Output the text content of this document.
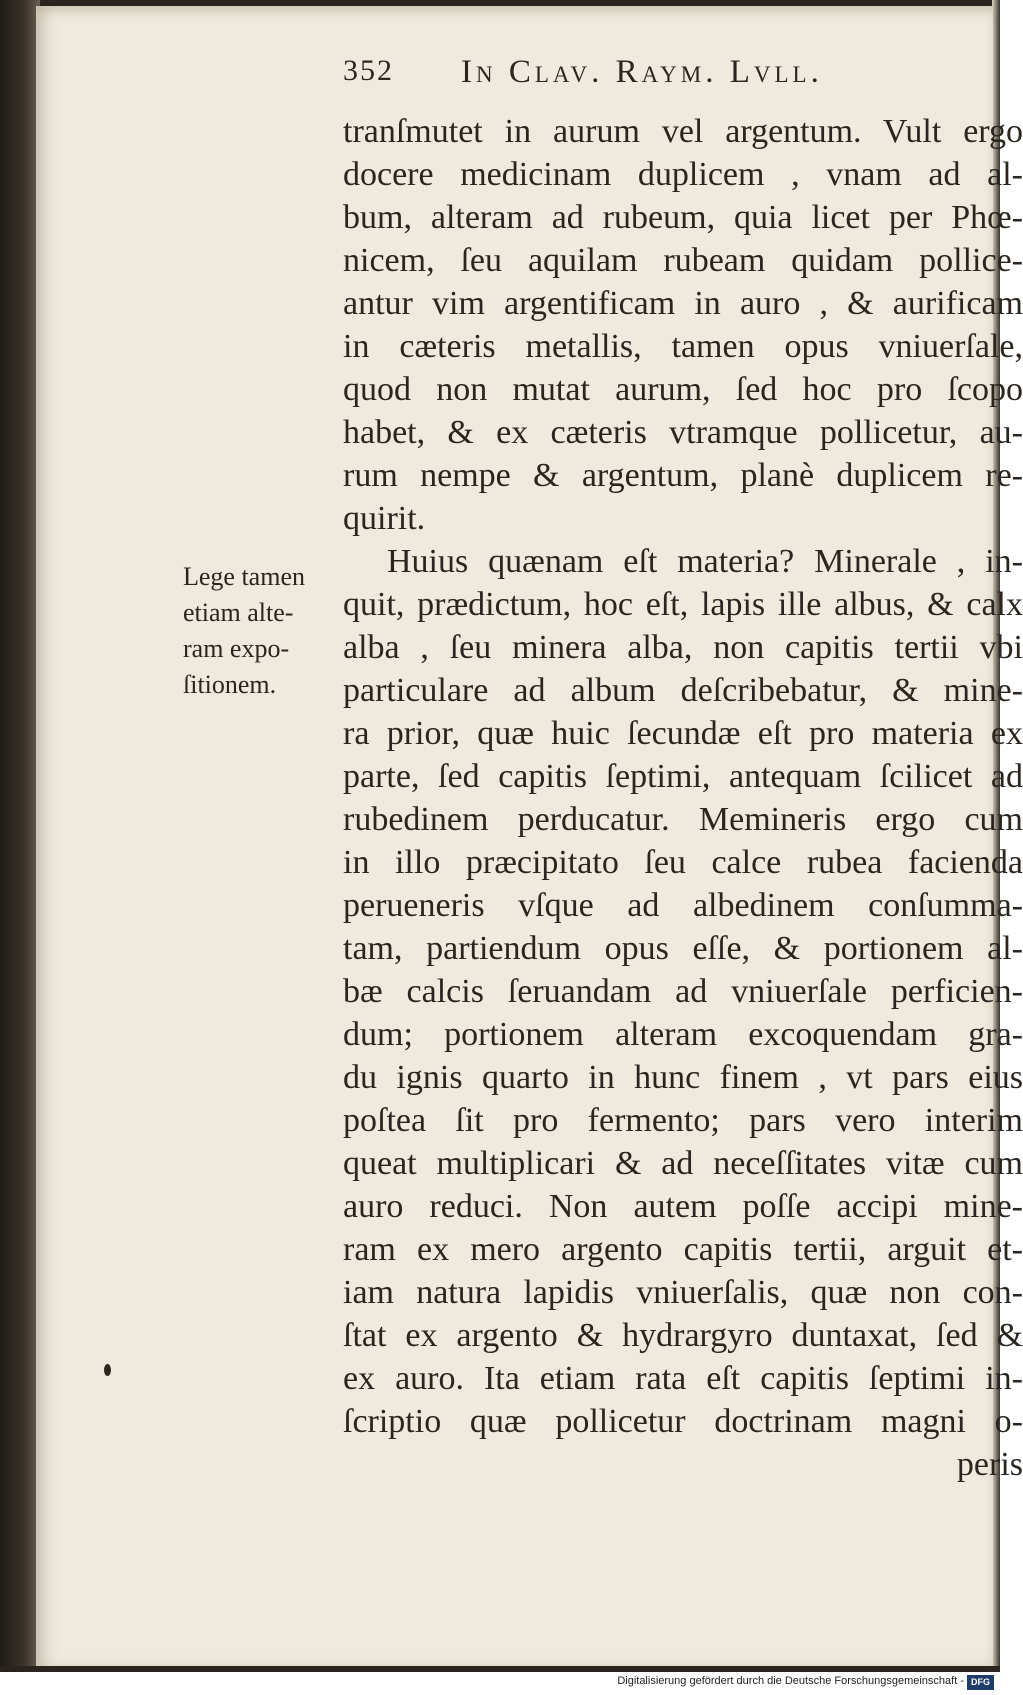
352 In Clav. Raym. Lvll.
Lege tamen
etiam alte-
ram expo-
ſitionem.
tranſmutet in aurum vel argentum. Vult ergo
docere medicinam duplicem , vnam ad al-
bum, alteram ad rubeum, quia licet per Phœ-
nicem, ſeu aquilam rubeam quidam pollice-
antur vim argentificam in auro , & aurificam
in cæteris metallis, tamen opus vniuerſale,
quod non mutat aurum, ſed hoc pro ſcopo
habet, & ex cæteris vtramque pollicetur, au-
rum nempe & argentum, planè duplicem re-
quirit.
Huius quænam eſt materia? Minerale , in-
quit, prædictum, hoc eſt, lapis ille albus, & calx
alba , ſeu minera alba, non capitis tertii vbi
particulare ad album deſcribebatur, & mine-
ra prior, quæ huic ſecundæ eſt pro materia ex
parte, ſed capitis ſeptimi, antequam ſcilicet ad
rubedinem perducatur. Memineris ergo cum
in illo præcipitato ſeu calce rubea facienda
perueneris vſque ad albedinem conſumma-
tam, partiendum opus eſſe, & portionem al-
bæ calcis ſeruandam ad vniuerſale perficien-
dum; portionem alteram excoquendam gra-
du ignis quarto in hunc finem , vt pars eius
poſtea ſit pro fermento; pars vero interim
queat multiplicari & ad neceſſitates vitæ cum
auro reduci. Non autem poſſe accipi mine-
ram ex mero argento capitis tertii, arguit et-
iam natura lapidis vniuerſalis, quæ non con-
ſtat ex argento & hydrargyro duntaxat, ſed &
ex auro. Ita etiam rata eſt capitis ſeptimi in-
ſcriptio quæ pollicetur doctrinam magni o-
peris
Digitalisierung gefördert durch die Deutsche Forschungsgemeinschaft - DFG
